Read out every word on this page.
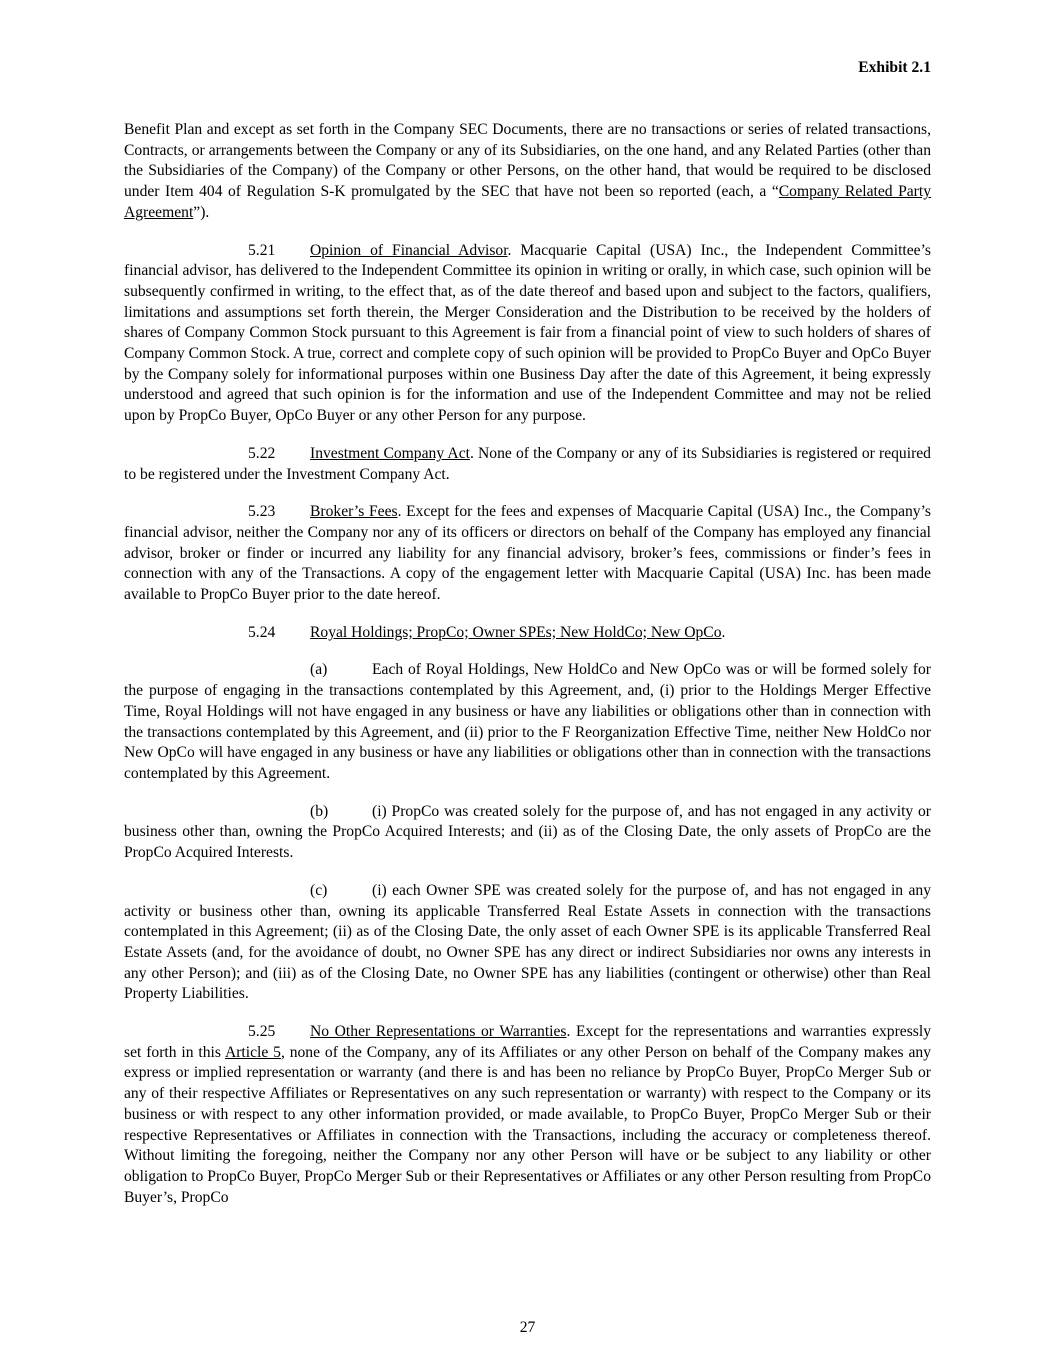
Exhibit 2.1

Benefit Plan and except as set forth in the Company SEC Documents, there are no transactions or series of related transactions, Contracts, or arrangements between the Company or any of its Subsidiaries, on the one hand, and any Related Parties (other than the Subsidiaries of the Company) of the Company or other Persons, on the other hand, that would be required to be disclosed under Item 404 of Regulation S-K promulgated by the SEC that have not been so reported (each, a “Company Related Party Agreement”).

5.21 Opinion of Financial Advisor. Macquarie Capital (USA) Inc., the Independent Committee’s financial advisor, has delivered to the Independent Committee its opinion in writing or orally, in which case, such opinion will be subsequently confirmed in writing, to the effect that, as of the date thereof and based upon and subject to the factors, qualifiers, limitations and assumptions set forth therein, the Merger Consideration and the Distribution to be received by the holders of shares of Company Common Stock pursuant to this Agreement is fair from a financial point of view to such holders of shares of Company Common Stock. A true, correct and complete copy of such opinion will be provided to PropCo Buyer and OpCo Buyer by the Company solely for informational purposes within one Business Day after the date of this Agreement, it being expressly understood and agreed that such opinion is for the information and use of the Independent Committee and may not be relied upon by PropCo Buyer, OpCo Buyer or any other Person for any purpose.

5.22 Investment Company Act. None of the Company or any of its Subsidiaries is registered or required to be registered under the Investment Company Act.

5.23 Broker’s Fees. Except for the fees and expenses of Macquarie Capital (USA) Inc., the Company’s financial advisor, neither the Company nor any of its officers or directors on behalf of the Company has employed any financial advisor, broker or finder or incurred any liability for any financial advisory, broker’s fees, commissions or finder’s fees in connection with any of the Transactions. A copy of the engagement letter with Macquarie Capital (USA) Inc. has been made available to PropCo Buyer prior to the date hereof.

5.24 Royal Holdings; PropCo; Owner SPEs; New HoldCo; New OpCo.

(a)	Each of Royal Holdings, New HoldCo and New OpCo was or will be formed solely for the purpose of engaging in the transactions contemplated by this Agreement, and, (i) prior to the Holdings Merger Effective Time, Royal Holdings will not have engaged in any business or have any liabilities or obligations other than in connection with the transactions contemplated by this Agreement, and (ii) prior to the F Reorganization Effective Time, neither New HoldCo nor New OpCo will have engaged in any business or have any liabilities or obligations other than in connection with the transactions contemplated by this Agreement.

(b)	(i) PropCo was created solely for the purpose of, and has not engaged in any activity or business other than, owning the PropCo Acquired Interests; and (ii) as of the Closing Date, the only assets of PropCo are the PropCo Acquired Interests.

(c)	(i) each Owner SPE was created solely for the purpose of, and has not engaged in any activity or business other than, owning its applicable Transferred Real Estate Assets in connection with the transactions contemplated in this Agreement; (ii) as of the Closing Date, the only asset of each Owner SPE is its applicable Transferred Real Estate Assets (and, for the avoidance of doubt, no Owner SPE has any direct or indirect Subsidiaries nor owns any interests in any other Person); and (iii) as of the Closing Date, no Owner SPE has any liabilities (contingent or otherwise) other than Real Property Liabilities.

5.25 No Other Representations or Warranties. Except for the representations and warranties expressly set forth in this Article 5, none of the Company, any of its Affiliates or any other Person on behalf of the Company makes any express or implied representation or warranty (and there is and has been no reliance by PropCo Buyer, PropCo Merger Sub or any of their respective Affiliates or Representatives on any such representation or warranty) with respect to the Company or its business or with respect to any other information provided, or made available, to PropCo Buyer, PropCo Merger Sub or their respective Representatives or Affiliates in connection with the Transactions, including the accuracy or completeness thereof. Without limiting the foregoing, neither the Company nor any other Person will have or be subject to any liability or other obligation to PropCo Buyer, PropCo Merger Sub or their Representatives or Affiliates or any other Person resulting from PropCo Buyer’s, PropCo

27
